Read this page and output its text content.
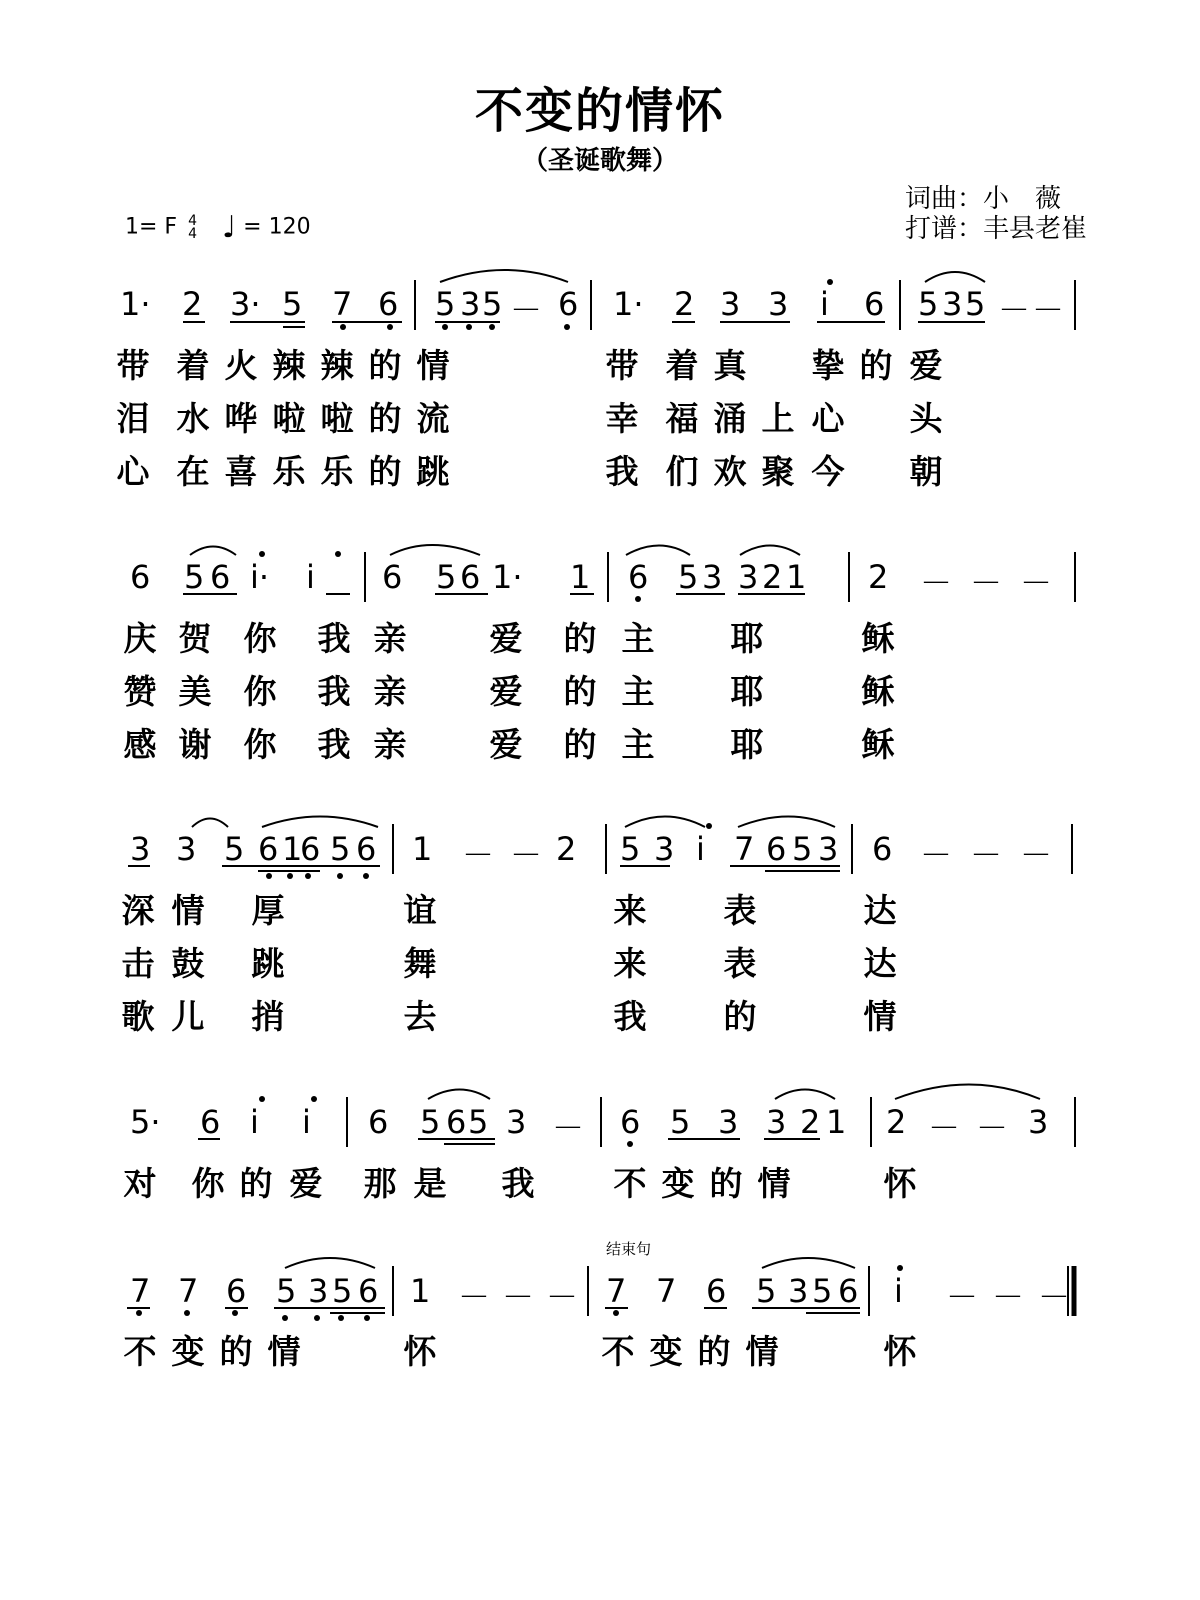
不变的情怀
（圣诞歌舞）
词曲：小　薇
打谱：丰县老崔
1= F 4
4 ♩ = 120
结束句
1· 2 3· 5 7 6 5 3 5 － 6 1· 2 3 3 i 6 5 3 5 － －
带 着 火 辣 辣 的 情	带 着 真 挚 的 爱
泪 水 哗 啦 啦 的 流	幸 福 涌 上 心 头
心 在 喜 乐 乐 的 跳	我 们 欢 聚 今 朝
6 5 6 i· i 6 5 6 1· 1 6 5 3 3 2 1 2 － － －
庆 贺 你 我 亲	爱 的 主 耶	稣
赞 美 你 我 亲	爱 的 主 耶	稣
感 谢 你 我 亲	爱 的 主 耶	稣
3 3 5 6 1
6 5 6 1 － － 2 5 3 i 7 6 5 3 6 － － －
深 情 厚	谊	来 表	达
击 鼓 跳	舞	来 表	达
歌 儿 捎	去	我 的	情
5· 6 i i 6 5 6 5 3 － 6 5 3 3 2 1 2 － － 3
对 你 的 爱 那 是 我 不 变 的 情	怀
7 7 6 5 3 5 6 1 － － － 7 7 6 5 3 5 6 i － － －
不 变 的 情	怀	不 变 的 情	怀
